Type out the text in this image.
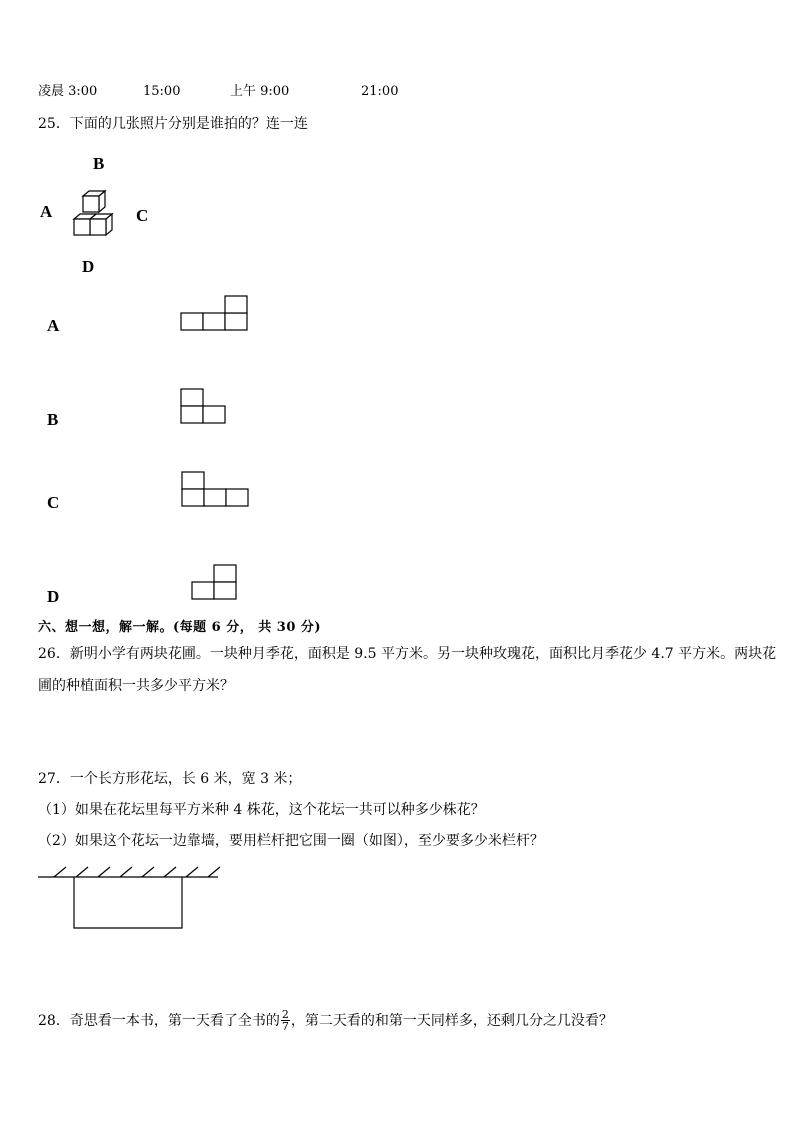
凌晨 3:00	15:00	上午 9:00	21:00
25．下面的几张照片分别是谁拍的？连一连
B
A	C
D
A
B
C
D
六、想一想，解一解。(每题 6 分， 共 30 分)
26．新明小学有两块花圃。一块种月季花，面积是 9.5 平方米。另一块种玫瑰花，面积比月季花少 4.7 平方米。两块花
圃的种植面积一共多少平方米？
27．一个长方形花坛，长 6 米，宽 3 米；
（1）如果在花坛里每平方米种 4 株花，这个花坛一共可以种多少株花？
（2）如果这个花坛一边靠墙，要用栏杆把它围一圈（如图），至少要多少米栏杆？
28．奇思看一本书，第一天看了全书的 $\frac{2}{7}$ ，第二天看的和第一天同样多，还剩几分之几没看？
